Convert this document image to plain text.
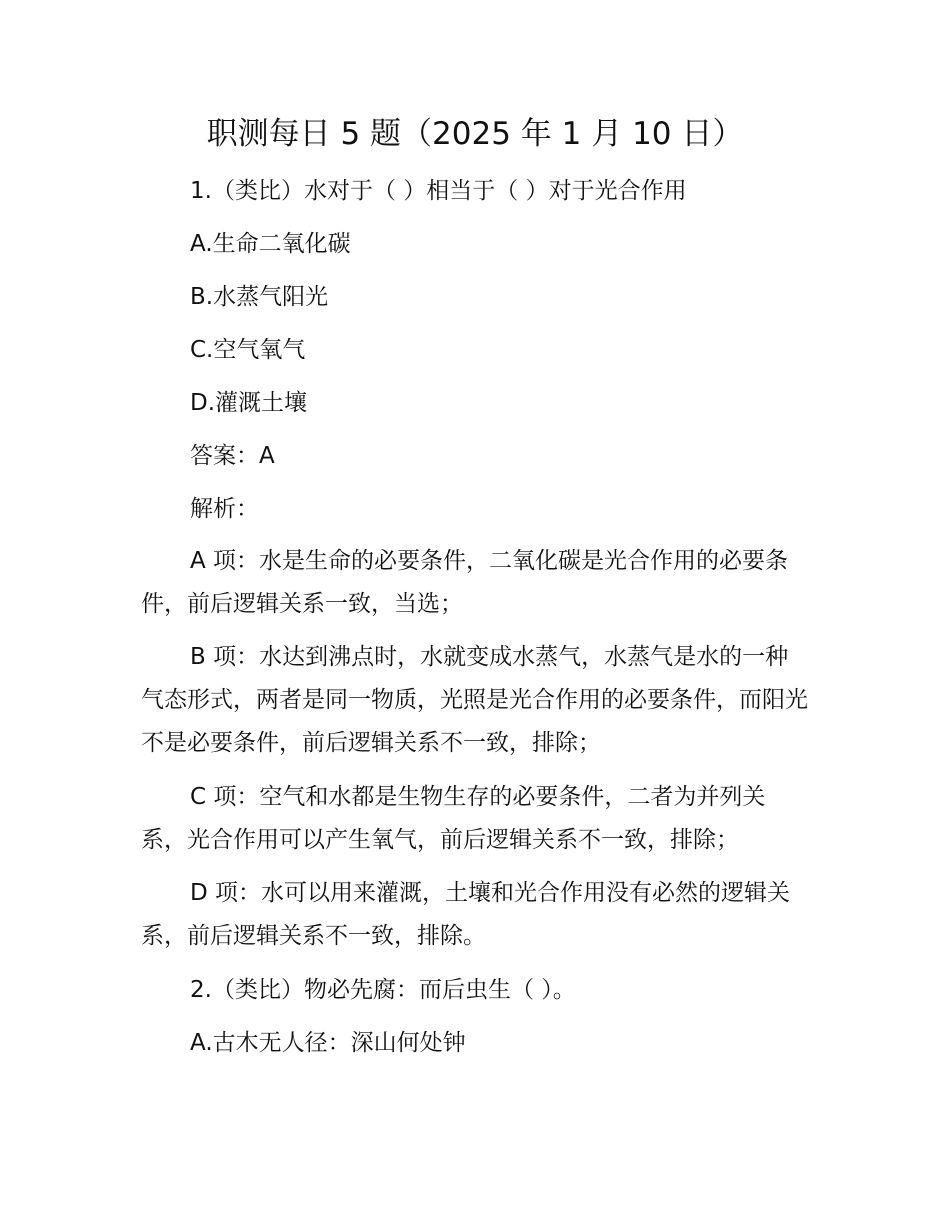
职测每日 5 题（2025 年 1 月 10 日）
1.（类比）水对于（ ）相当于（ ）对于光合作用
A.生命二氧化碳
B.水蒸气阳光
C.空气氧气
D.灌溉土壤
答案：A
解析：

A 项：水是生命的必要条件，二氧化碳是光合作用的必要条件，前后逻辑关系一致，当选；

B 项：水达到沸点时，水就变成水蒸气，水蒸气是水的一种气态形式，两者是同一物质，光照是光合作用的必要条件，而阳光不是必要条件，前后逻辑关系不一致，排除；

C 项：空气和水都是生物生存的必要条件，二者为并列关系，光合作用可以产生氧气，前后逻辑关系不一致，排除；

D 项：水可以用来灌溉，土壤和光合作用没有必然的逻辑关系，前后逻辑关系不一致，排除。

2.（类比）物必先腐：而后虫生（ ）。
A.古木无人径：深山何处钟
